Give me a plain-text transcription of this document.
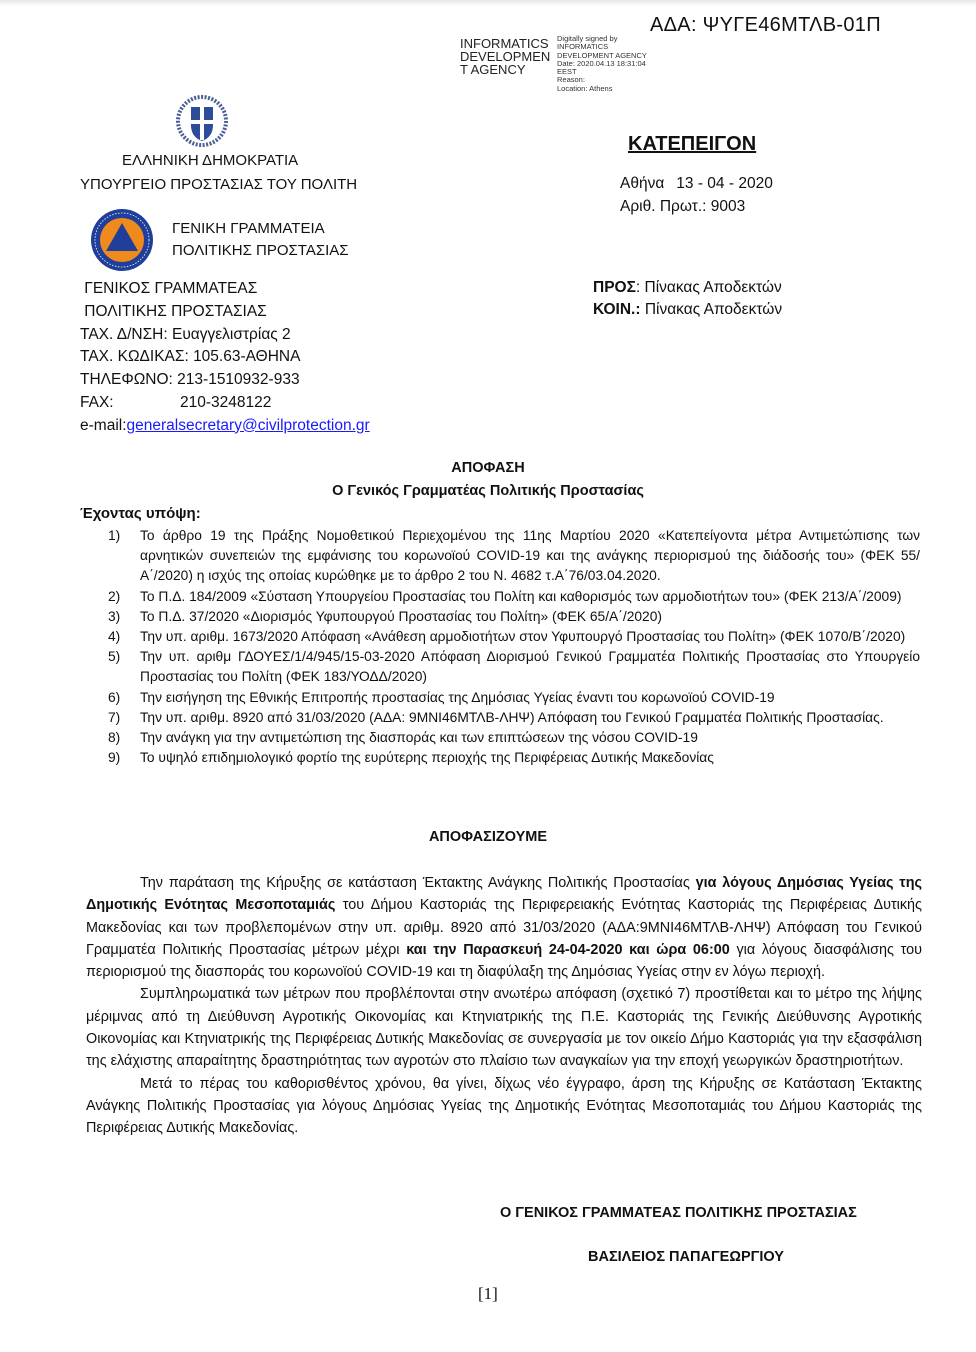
ΑΔΑ: ΨΥΓΕ46ΜΤΛΒ-01Π
INFORMATICS
DEVELOPMEN
T AGENCY
Digitally signed by
INFORMATICS
DEVELOPMENT AGENCY
Date: 2020.04.13 18:31:04
EEST
Reason:
Location: Athens
ΕΛΛΗΝΙΚΗ ΔΗΜΟΚΡΑΤΙΑ
ΥΠΟΥΡΓΕΙΟ ΠΡΟΣΤΑΣΙΑΣ ΤΟΥ ΠΟΛΙΤΗ
ΓΕΝΙΚΗ ΓΡΑΜΜΑΤΕΙΑ
ΠΟΛΙΤΙΚΗΣ ΠΡΟΣΤΑΣΙΑΣ
ΚΑΤΕΠΕΙΓΟΝ
Αθήνα 13 - 04 - 2020
Αριθ. Πρωτ.: 9003
ΠΡΟΣ: Πίνακας Αποδεκτών
ΚΟΙΝ.: Πίνακας Αποδεκτών
ΓΕΝΙΚΟΣ ΓΡΑΜΜΑΤΕΑΣ
ΠΟΛΙΤΙΚΗΣ ΠΡΟΣΤΑΣΙΑΣ
ΤΑΧ. Δ/ΝΣΗ: Ευαγγελιστρίας 2
ΤΑΧ. ΚΩΔΙΚΑΣ: 105.63-ΑΘΗΝΑ
ΤΗΛΕΦΩΝΟ: 213-1510932-933
FAX:	210-3248122
e-mail:generalsecretary@civilprotection.gr
ΑΠΟΦΑΣΗ
Ο Γενικός Γραμματέας Πολιτικής Προστασίας
Έχοντας υπόψη:
1)	Το άρθρο 19 της Πράξης Νομοθετικού Περιεχομένου της 11ης Μαρτίου 2020 «Κατεπείγοντα μέτρα Αντιμετώπισης των αρνητικών συνεπειών της εμφάνισης του κορωνοϊού COVID-19 και της ανάγκης περιορισμού της διάδοσής του» (ΦΕΚ 55/Α΄/2020) η ισχύς της οποίας κυρώθηκε με το άρθρο 2 του Ν. 4682 τ.Α΄76/03.04.2020.
2)	Το Π.Δ. 184/2009 «Σύσταση Υπουργείου Προστασίας του Πολίτη και καθορισμός των αρμοδιοτήτων του» (ΦΕΚ 213/Α΄/2009)
3)	Το Π.Δ. 37/2020 «Διορισμός Υφυπουργού Προστασίας του Πολίτη» (ΦΕΚ 65/Α΄/2020)
4)	Την υπ. αριθμ. 1673/2020 Απόφαση «Ανάθεση αρμοδιοτήτων στον Υφυπουργό Προστασίας του Πολίτη» (ΦΕΚ 1070/Β΄/2020)
5)	Την υπ. αριθμ ΓΔΟΥΕΣ/1/4/945/15-03-2020 Απόφαση Διορισμού Γενικού Γραμματέα Πολιτικής Προστασίας στο Υπουργείο Προστασίας του Πολίτη (ΦΕΚ 183/ΥΟΔΔ/2020)
6)	Την εισήγηση της Εθνικής Επιτροπής προστασίας της Δημόσιας Υγείας έναντι του κορωνοϊού COVID-19
7)	Την υπ. αριθμ. 8920 από 31/03/2020 (ΑΔΑ: 9ΜΝΙ46ΜΤΛΒ-ΛΗΨ) Απόφαση του Γενικού Γραμματέα Πολιτικής Προστασίας.
8)	Την ανάγκη για την αντιμετώπιση της διασποράς και των επιπτώσεων της νόσου COVID-19
9)	Το υψηλό επιδημιολογικό φορτίο της ευρύτερης περιοχής της Περιφέρειας Δυτικής Μακεδονίας
ΑΠΟΦΑΣΙΖΟΥΜΕ

Την παράταση της Κήρυξης σε κατάσταση Έκτακτης Ανάγκης Πολιτικής Προστασίας για λόγους Δημόσιας Υγείας της Δημοτικής Ενότητας Μεσοποταμιάς του Δήμου Καστοριάς της Περιφερειακής Ενότητας Καστοριάς της Περιφέρειας Δυτικής Μακεδονίας και των προβλεπομένων στην υπ. αριθμ. 8920 από 31/03/2020 (ΑΔΑ:9ΜΝΙ46ΜΤΛΒ-ΛΗΨ) Απόφαση του Γενικού Γραμματέα Πολιτικής Προστασίας μέτρων μέχρι και την Παρασκευή 24-04-2020 και ώρα 06:00 για λόγους διασφάλισης του περιορισμού της διασποράς του κορωνοϊού COVID-19 και τη διαφύλαξη της Δημόσιας Υγείας στην εν λόγω περιοχή.

Συμπληρωματικά των μέτρων που προβλέπονται στην ανωτέρω απόφαση (σχετικό 7) προστίθεται και το μέτρο της λήψης μέριμνας από τη Διεύθυνση Αγροτικής Οικονομίας και Κτηνιατρικής της Π.Ε. Καστοριάς της Γενικής Διεύθυνσης Αγροτικής Οικονομίας και Κτηνιατρικής της Περιφέρειας Δυτικής Μακεδονίας σε συνεργασία με τον οικείο Δήμο Καστοριάς για την εξασφάλιση της ελάχιστης απαραίτητης δραστηριότητας των αγροτών στο πλαίσιο των αναγκαίων για την εποχή γεωργικών δραστηριοτήτων.

Μετά το πέρας του καθορισθέντος χρόνου, θα γίνει, δίχως νέο έγγραφο, άρση της Κήρυξης σε Κατάσταση Έκτακτης Ανάγκης Πολιτικής Προστασίας για λόγους Δημόσιας Υγείας της Δημοτικής Ενότητας Μεσοποταμιάς του Δήμου Καστοριάς της Περιφέρειας Δυτικής Μακεδονίας.

Ο ΓΕΝΙΚΟΣ ΓΡΑΜΜΑΤΕΑΣ ΠΟΛΙΤΙΚΗΣ ΠΡΟΣΤΑΣΙΑΣ
ΒΑΣΙΛΕΙΟΣ ΠΑΠΑΓΕΩΡΓΙΟΥ
[1]
